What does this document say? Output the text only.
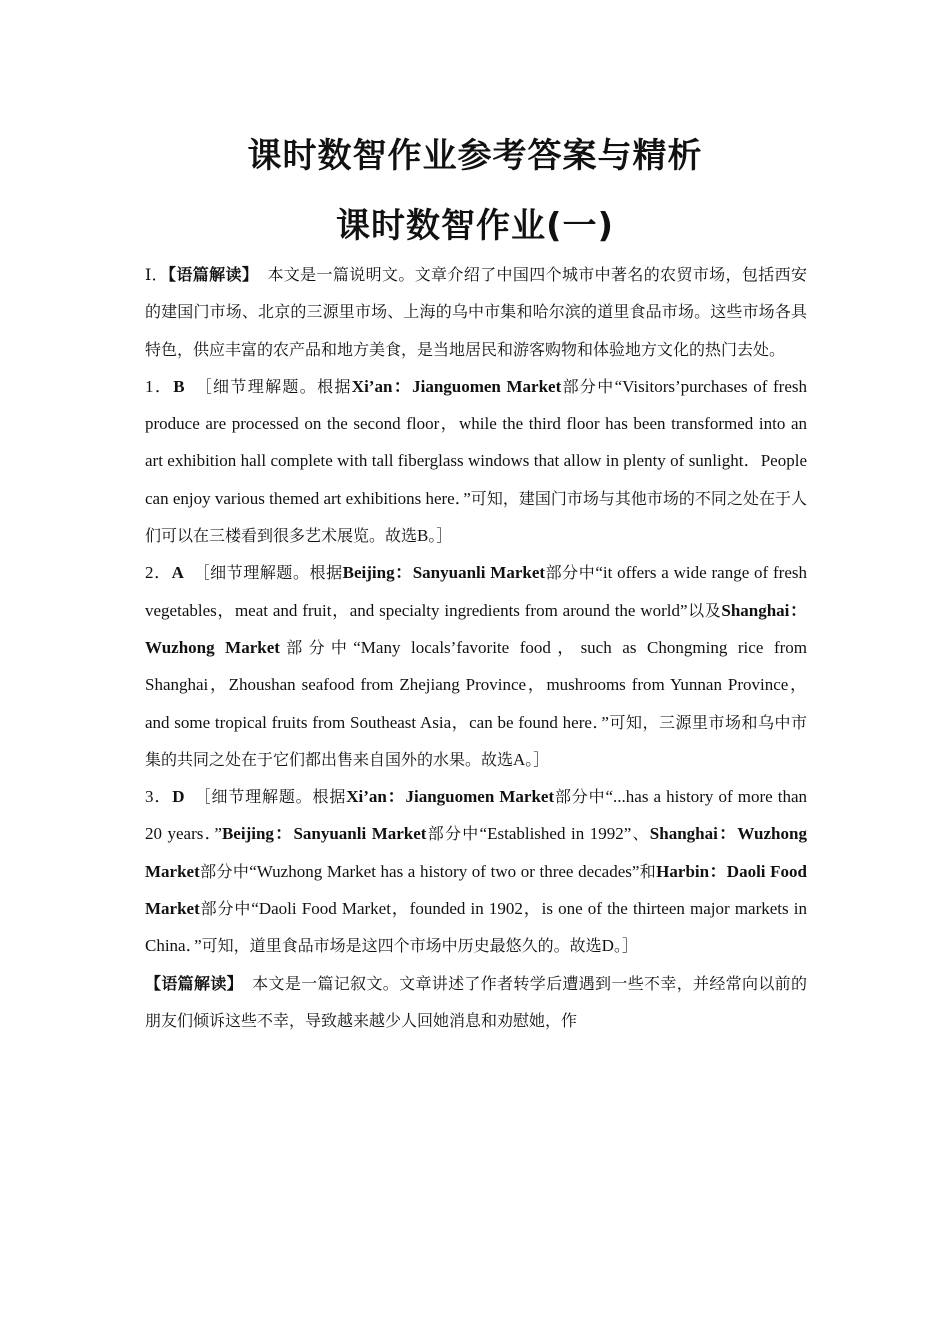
课时数智作业参考答案与精析
课时数智作业(一)

Ⅰ．【语篇解读】 本文是一篇说明文。文章介绍了中国四个城市中著名的农贸市场，包括西安的建国门市场、北京的三源里市场、上海的乌中市集和哈尔滨的道里食品市场。这些市场各具特色，供应丰富的农产品和地方美食，是当地居民和游客购物和体验地方文化的热门去处。

1．B ［细节理解题。根据Xi’an：Jianguomen Market部分中“Visitors’purchases of fresh produce are processed on the second floor，while the third floor has been transformed into an art exhibition hall complete with tall fiberglass windows that allow in plenty of sunlight．People can enjoy various themed art exhibitions here．”可知，建国门市场与其他市场的不同之处在于人们可以在三楼看到很多艺术展览。故选B。］

2．A ［细节理解题。根据Beijing：Sanyuanli Market部分中“it offers a wide range of fresh vegetables，meat and fruit，and specialty ingredients from around the world”以及Shanghai：Wuzhong Market部分中“Many locals’favorite food，such as Chongming rice from Shanghai，Zhoushan seafood from Zhejiang Province，mushrooms from Yunnan Province，and some tropical fruits from Southeast Asia，can be found here．”可知，三源里市场和乌中市集的共同之处在于它们都出售来自国外的水果。故选A。］

3．D ［细节理解题。根据Xi’an：Jianguomen Market部分中“...has a history of more than 20 years．”Beijing：Sanyuanli Market部分中“Established in 1992”、Shanghai：Wuzhong Market部分中“Wuzhong Market has a history of two or three decades”和Harbin：Daoli Food Market部分中“Daoli Food Market，founded in 1902，is one of the thirteen major markets in China．”可知，道里食品市场是这四个市场中历史最悠久的。故选D。］

【语篇解读】 本文是一篇记叙文。文章讲述了作者转学后遭遇到一些不幸，并经常向以前的朋友们倾诉这些不幸，导致越来越少人回她消息和劝慰她，作
